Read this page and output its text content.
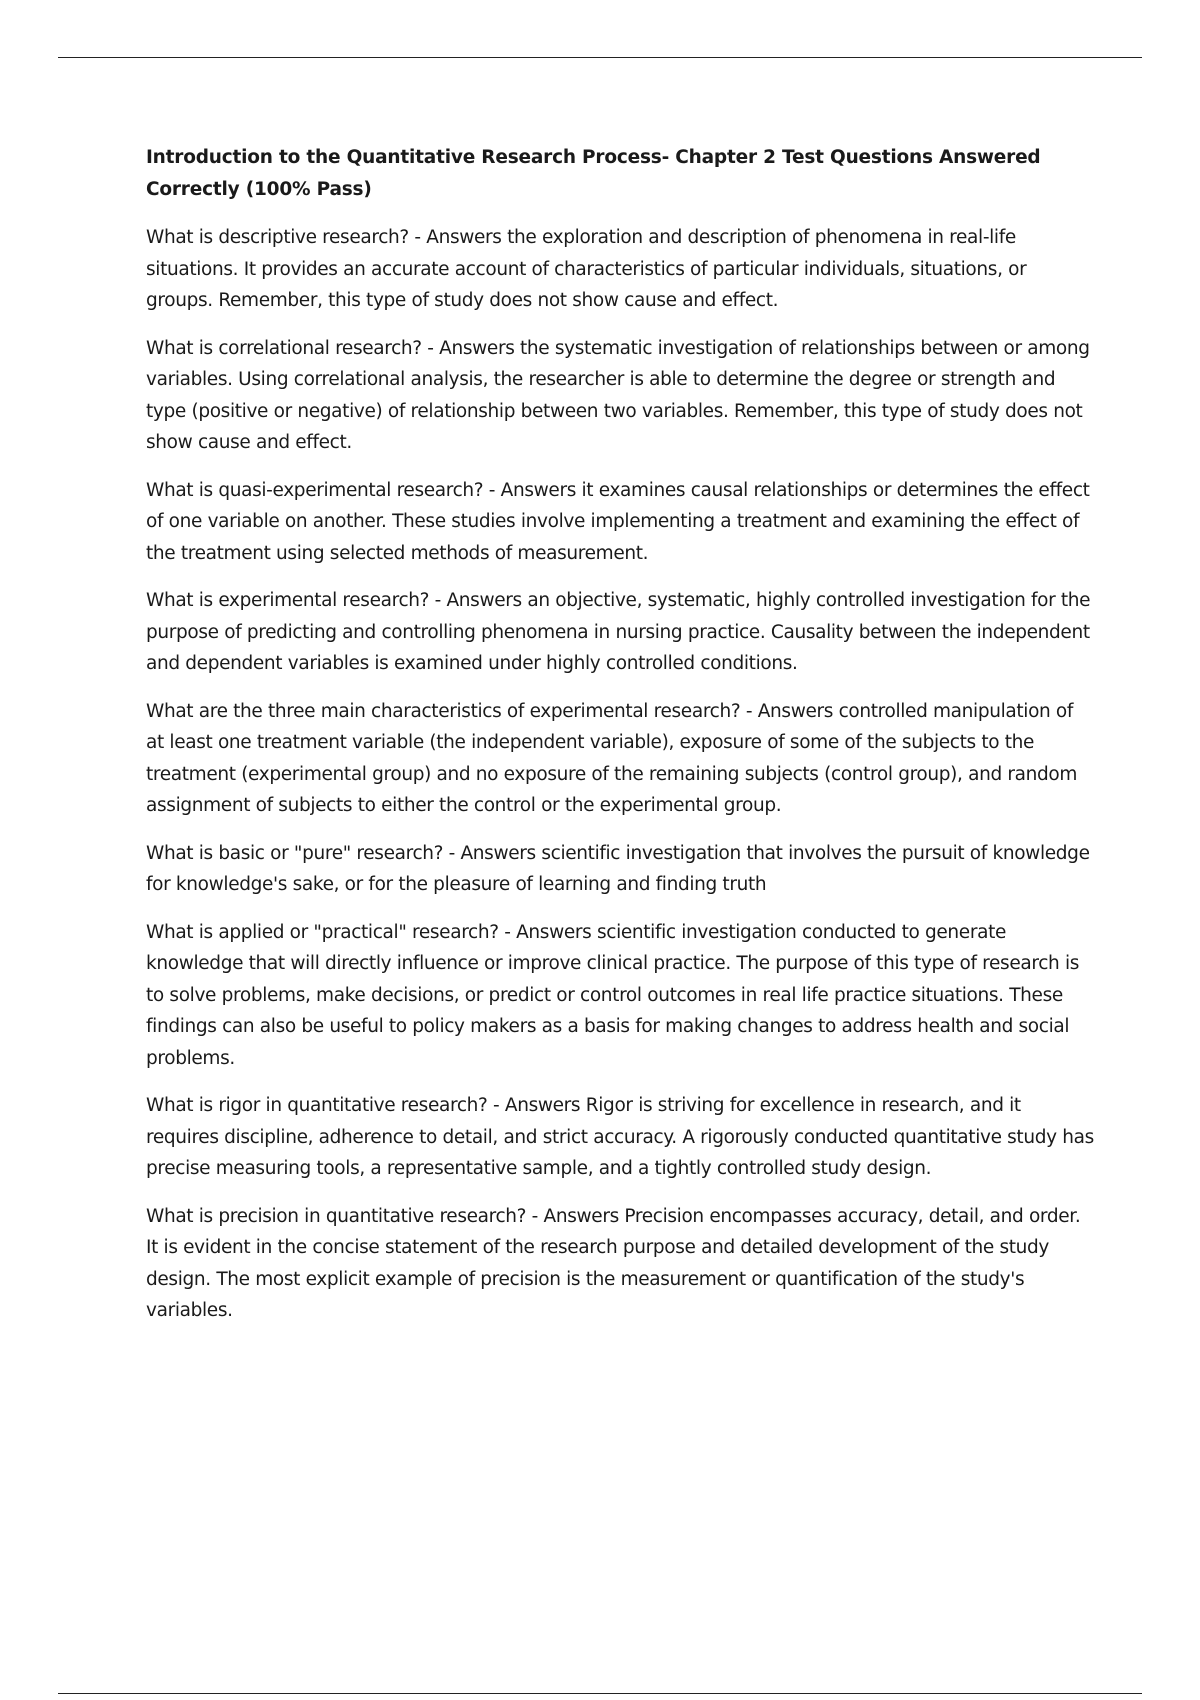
Introduction to the Quantitative Research Process- Chapter 2 Test Questions Answered Correctly (100% Pass)

What is descriptive research? - Answers the exploration and description of phenomena in real-life situations. It provides an accurate account of characteristics of particular individuals, situations, or groups. Remember, this type of study does not show cause and effect.

What is correlational research? - Answers the systematic investigation of relationships between or among variables. Using correlational analysis, the researcher is able to determine the degree or strength and type (positive or negative) of relationship between two variables. Remember, this type of study does not show cause and effect.

What is quasi-experimental research? - Answers it examines causal relationships or determines the effect of one variable on another. These studies involve implementing a treatment and examining the effect of the treatment using selected methods of measurement.

What is experimental research? - Answers an objective, systematic, highly controlled investigation for the purpose of predicting and controlling phenomena in nursing practice. Causality between the independent and dependent variables is examined under highly controlled conditions.

What are the three main characteristics of experimental research? - Answers controlled manipulation of at least one treatment variable (the independent variable), exposure of some of the subjects to the treatment (experimental group) and no exposure of the remaining subjects (control group), and random assignment of subjects to either the control or the experimental group.

What is basic or "pure" research? - Answers scientific investigation that involves the pursuit of knowledge for knowledge's sake, or for the pleasure of learning and finding truth

What is applied or "practical" research? - Answers scientific investigation conducted to generate knowledge that will directly influence or improve clinical practice. The purpose of this type of research is to solve problems, make decisions, or predict or control outcomes in real life practice situations. These findings can also be useful to policy makers as a basis for making changes to address health and social problems.

What is rigor in quantitative research? - Answers Rigor is striving for excellence in research, and it requires discipline, adherence to detail, and strict accuracy. A rigorously conducted quantitative study has precise measuring tools, a representative sample, and a tightly controlled study design.

What is precision in quantitative research? - Answers Precision encompasses accuracy, detail, and order. It is evident in the concise statement of the research purpose and detailed development of the study design. The most explicit example of precision is the measurement or quantification of the study's variables.
